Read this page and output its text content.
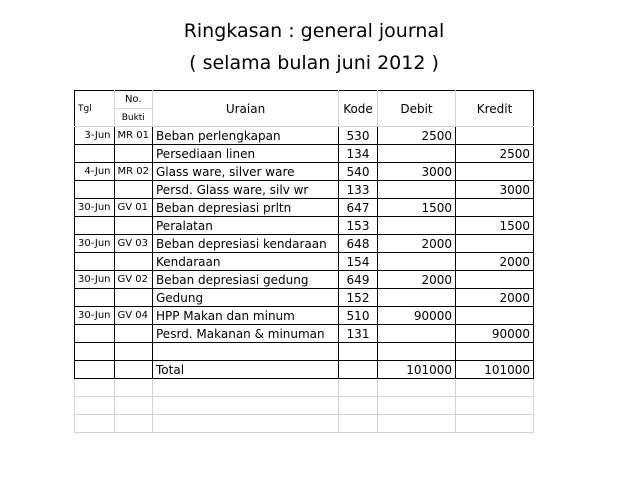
Ringkasan : general journal
( selama bulan juni 2012 )
Tgl	No.	Uraian	Kode	Debit	Kredit
	Bukti				
3-Jun	MR 01	Beban perlengkapan	530	2500	
		Persediaan linen	134		2500
4-Jun	MR 02	Glass ware, silver ware	540	3000	
		Persd. Glass ware, silv wr	133		3000
30-Jun	GV 01	Beban depresiasi prltn	647	1500	
		Peralatan	153		1500
30-Jun	GV 03	Beban depresiasi kendaraan	648	2000	
		Kendaraan	154		2000
30-Jun	GV 02	Beban depresiasi gedung	649	2000	
		Gedung	152		2000
30-Jun	GV 04	HPP Makan dan minum	510	90000	
		Pesrd. Makanan & minuman	131		90000

		Total		101000	101000
